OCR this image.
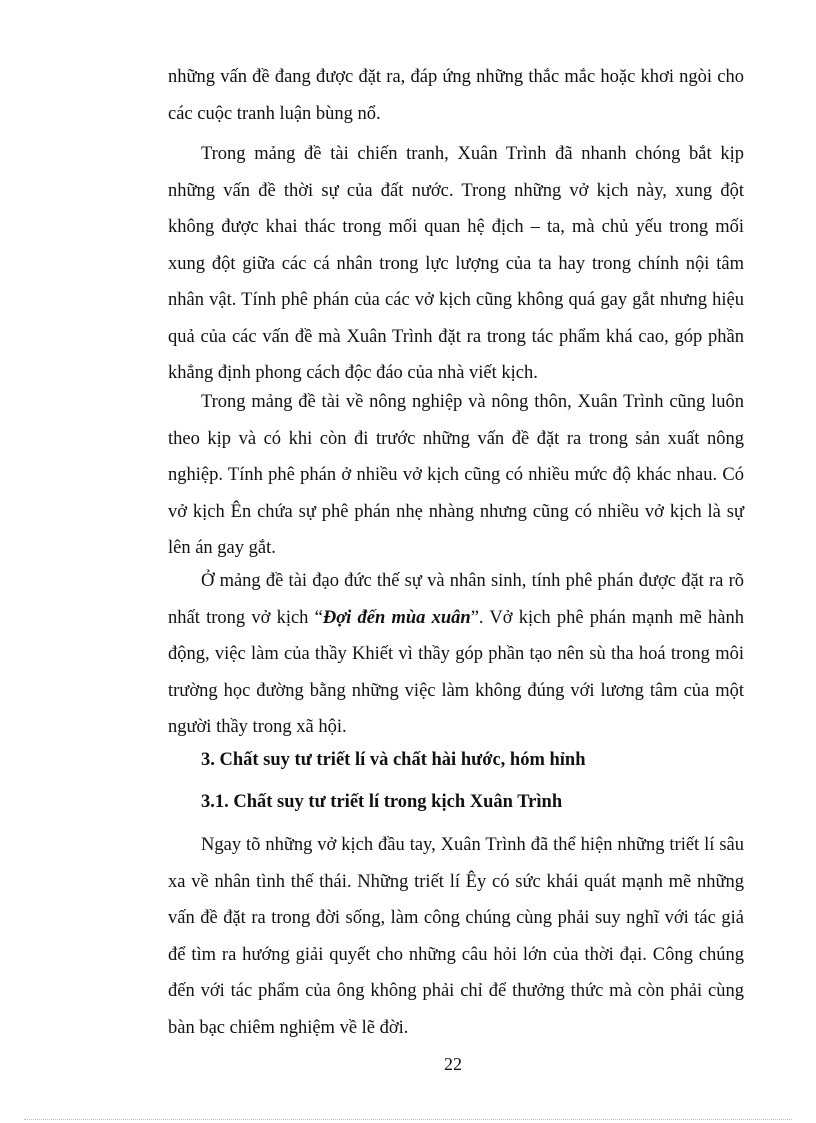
những vấn đề đang được đặt ra, đáp ứng những thắc mắc hoặc khơi ngòi cho các cuộc tranh luận bùng nổ.

Trong mảng đề tài chiến tranh, Xuân Trình đã nhanh chóng bắt kịp những vấn đề thời sự của đất nước. Trong những vở kịch này, xung đột không được khai thác trong mối quan hệ địch – ta, mà chủ yếu trong mối xung đột giữa các cá nhân trong lực lượng của ta hay trong chính nội tâm nhân vật. Tính phê phán của các vở kịch cũng không quá gay gắt nhưng hiệu quả của các vấn đề mà Xuân Trình đặt ra trong tác phẩm khá cao, góp phần khẳng định phong cách độc đáo của nhà viết kịch.

Trong mảng đề tài về nông nghiệp và nông thôn, Xuân Trình cũng luôn theo kịp và có khi còn đi trước những vấn đề đặt ra trong sản xuất nông nghiệp. Tính phê phán ở nhiều vở kịch cũng có nhiều mức độ khác nhau. Có vở kịch Ên chứa sự phê phán nhẹ nhàng nhưng cũng có nhiều vở kịch là sự lên án gay gắt.

Ở mảng đề tài đạo đức thế sự và nhân sinh, tính phê phán được đặt ra rõ nhất trong vở kịch “Đợi đến mùa xuân”. Vở kịch phê phán mạnh mẽ hành động, việc làm của thầy Khiết vì thầy góp phần tạo nên sù tha hoá trong môi trường học đường bằng những việc làm không đúng với lương tâm của một người thầy trong xã hội.

3. Chất suy tư triết lí và chất hài hước, hóm hỉnh

3.1. Chất suy tư triết lí trong kịch Xuân Trình

Ngay tõ những vở kịch đầu tay, Xuân Trình đã thể hiện những triết lí sâu xa về nhân tình thế thái. Những triết lí Êy có sức khái quát mạnh mẽ những vấn đề đặt ra trong đời sống, làm công chúng cùng phải suy nghĩ với tác giả để tìm ra hướng giải quyết cho những câu hỏi lớn của thời đại. Công chúng đến với tác phẩm của ông không phải chỉ để thưởng thức mà còn phải cùng bàn bạc chiêm nghiệm về lẽ đời.

22
